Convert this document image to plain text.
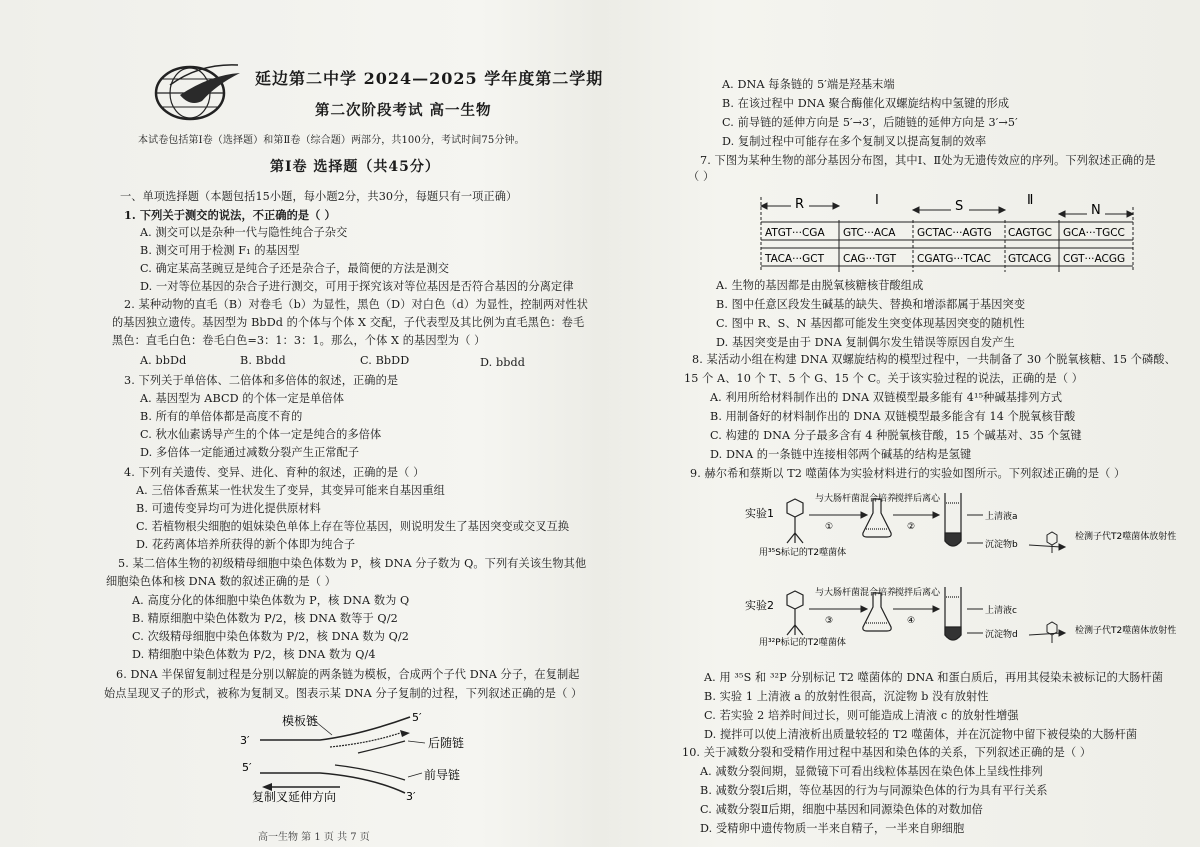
延边第二中学 2024—2025 学年度第二学期
第二次阶段考试 高一生物
本试卷包括第Ⅰ卷（选择题）和第Ⅱ卷（综合题）两部分，共100分，考试时间75分钟。
第Ⅰ卷 选择题（共45分）
一、单项选择题（本题包括15小题，每小题2分，共30分，每题只有一项正确）
1. 下列关于测交的说法，不正确的是（ ）
A. 测交可以是杂种一代与隐性纯合子杂交
B. 测交可用于检测 F₁ 的基因型
C. 确定某高茎豌豆是纯合子还是杂合子，最简便的方法是测交
D. 一对等位基因的杂合子进行测交，可用于探究该对等位基因是否符合基因的分离定律
2. 某种动物的直毛（B）对卷毛（b）为显性，黑色（D）对白色（d）为显性，控制两对性状
的基因独立遗传。基因型为 BbDd 的个体与个体 X 交配，子代表型及其比例为直毛黑色：卷毛
黑色：直毛白色：卷毛白色=3：1：3：1。那么，个体 X 的基因型为（ ）
A. bbDd	B. Bbdd	C. BbDD	D. bbdd
3. 下列关于单倍体、二倍体和多倍体的叙述，正确的是
A. 基因型为 ABCD 的个体一定是单倍体
B. 所有的单倍体都是高度不育的
C. 秋水仙素诱导产生的个体一定是纯合的多倍体
D. 多倍体一定能通过减数分裂产生正常配子
4. 下列有关遗传、变异、进化、育种的叙述，正确的是（ ）
A. 三倍体香蕉某一性状发生了变异，其变异可能来自基因重组
B. 可遗传变异均可为进化提供原材料
C. 若植物根尖细胞的姐妹染色单体上存在等位基因，则说明发生了基因突变或交叉互换
D. 花药离体培养所获得的新个体即为纯合子
5. 某二倍体生物的初级精母细胞中染色体数为 P，核 DNA 分子数为 Q。下列有关该生物其他
细胞染色体和核 DNA 数的叙述正确的是（ ）
A. 高度分化的体细胞中染色体数为 P，核 DNA 数为 Q
B. 精原细胞中染色体数为 P/2，核 DNA 数等于 Q/2
C. 次级精母细胞中染色体数为 P/2，核 DNA 数为 Q/2
D. 精细胞中染色体数为 P/2，核 DNA 数为 Q/4
6. DNA 半保留复制过程是分别以解旋的两条链为模板，合成两个子代 DNA 分子，在复制起
始点呈现叉子的形式，被称为复制叉。图表示某 DNA 分子复制的过程，下列叙述正确的是（ ）
模板链	5′
3′	后随链
5′
前导链
3′
复制叉延伸方向
A. DNA 每条链的 5′端是羟基末端
B. 在该过程中 DNA 聚合酶催化双螺旋结构中氢键的形成
C. 前导链的延伸方向是 5′→3′，后随链的延伸方向是 3′→5′
D. 复制过程中可能存在多个复制叉以提高复制的效率
7. 下图为某种生物的部分基因分布图，其中Ⅰ、Ⅱ处为无遗传效应的序列。下列叙述正确的是
（ ）
A. 生物的基因都是由脱氧核糖核苷酸组成
B. 图中任意区段发生碱基的缺失、替换和增添都属于基因突变
C. 图中 R、S、N 基因都可能发生突变体现基因突变的随机性
D. 基因突变是由于 DNA 复制偶尔发生错误等原因自发产生
8. 某活动小组在构建 DNA 双螺旋结构的模型过程中，一共制备了 30 个脱氧核糖、15 个磷酸、
15 个 A、10 个 T、5 个 G、15 个 C。关于该实验过程的说法，正确的是（ ）
A. 利用所给材料制作出的 DNA 双链模型最多能有 4¹⁵种碱基排列方式
B. 用制备好的材料制作出的 DNA 双链模型最多能含有 14 个脱氧核苷酸
C. 构建的 DNA 分子最多含有 4 种脱氧核苷酸，15 个碱基对、35 个氢键
D. DNA 的一条链中连接相邻两个碱基的结构是氢键
9. 赫尔希和蔡斯以 T2 噬菌体为实验材料进行的实验如图所示。下列叙述正确的是（ ）
A. 用 ³⁵S 和 ³²P 分别标记 T2 噬菌体的 DNA 和蛋白质后，再用其侵染未被标记的大肠杆菌
B. 实验 1 上清液 a 的放射性很高，沉淀物 b 没有放射性
C. 若实验 2 培养时间过长，则可能造成上清液 c 的放射性增强
D. 搅拌可以使上清液析出质量较轻的 T2 噬菌体，并在沉淀物中留下被侵染的大肠杆菌
10. 关于减数分裂和受精作用过程中基因和染色体的关系，下列叙述正确的是（ ）
A. 减数分裂间期，显微镜下可看出线粒体基因在染色体上呈线性排列
B. 减数分裂Ⅰ后期，等位基因的行为与同源染色体的行为具有平行关系
C. 减数分裂Ⅱ后期，细胞中基因和同源染色体的对数加倍
D. 受精卵中遗传物质一半来自精子，一半来自卵细胞
R	Ⅰ	S	Ⅱ
N
ATGT···CGA GTC···ACA GCTAC···AGTG CAGTGC GCA···TGCC
TACA···GCT CAG···TGT CGATG···TCAC GTCACG CGT···ACGG
实验1
实验2
用³⁵S标记的T2噬菌体
用³²P标记的T2噬菌体
与大肠杆菌混合培养
与大肠杆菌混合培养
搅拌后离心
搅拌后离心
①	②
③	④
上清液a
沉淀物b
上清液c
沉淀物d
检测子代T2噬菌体放射性
检测子代T2噬菌体放射性
高一生物 第 1 页 共 7 页
